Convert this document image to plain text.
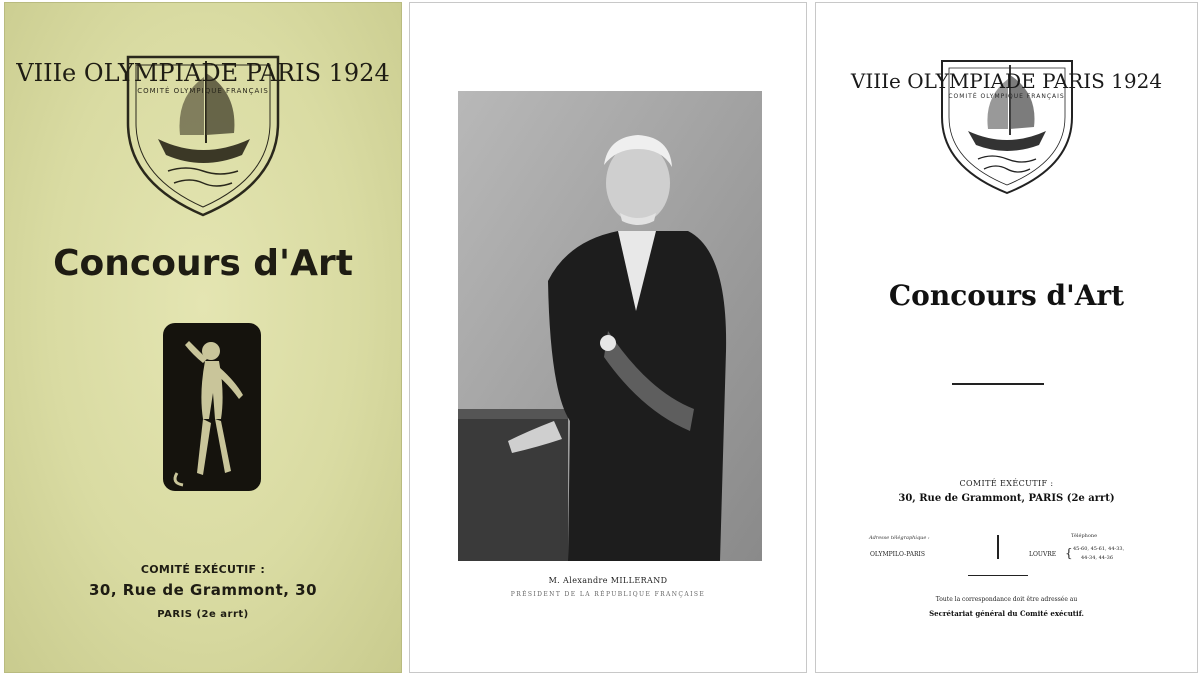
VIIIe OLYMPIADE PARIS 1924
COMITÉ OLYMPIQUE FRANÇAIS
Concours d'Art
COMITÉ EXÉCUTIF :
30, Rue de Grammont, 30
PARIS (2e arrt)
M. Alexandre MILLERAND
PRÉSIDENT DE LA RÉPUBLIQUE FRANÇAISE
VIIIe OLYMPIADE PARIS 1924
COMITÉ OLYMPIQUE FRANÇAIS
Concours d'Art
COMITÉ EXÉCUTIF :
30, Rue de Grammont, PARIS (2e arrt)
Adresse télégraphique :
OLYMPILO-PARIS
Téléphone
LOUVRE { 45-60, 45-61, 44-33,
44-34, 44-36
Toute la correspondance doit être adressée au
Secrétariat général du Comité exécutif.
